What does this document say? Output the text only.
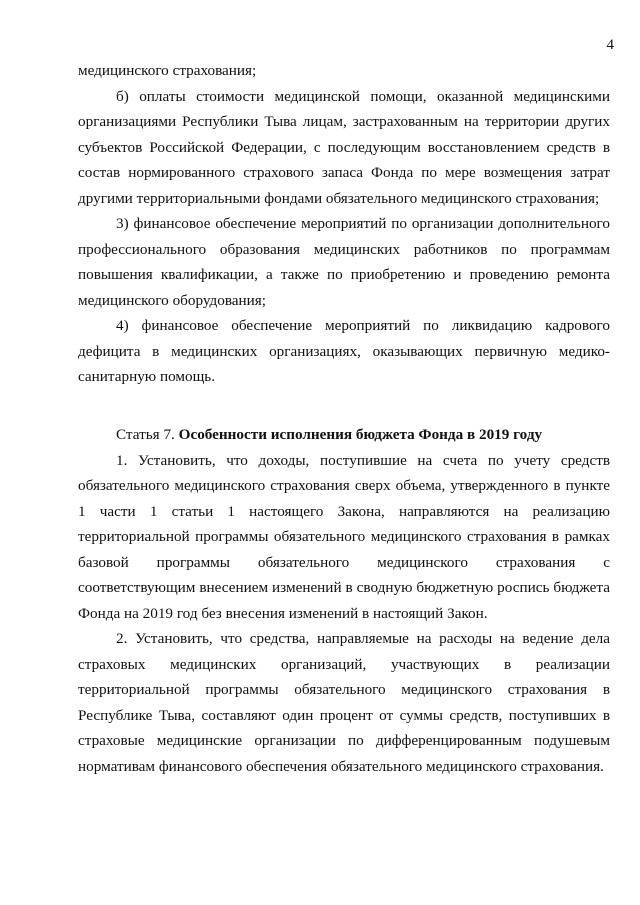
4

медицинского страхования;

б) оплаты стоимости медицинской помощи, оказанной медицинскими организациями Республики Тыва лицам, застрахованным на территории других субъектов Российской Федерации, с последующим восстановлением средств в состав нормированного страхового запаса Фонда по мере возмещения затрат другими территориальными фондами обязательного медицинского страхования;

3) финансовое обеспечение мероприятий по организации дополнительного профессионального образования медицинских работников по программам повышения квалификации, а также по приобретению и проведению ремонта медицинского оборудования;

4) финансовое обеспечение мероприятий по ликвидацию кадрового дефицита в медицинских организациях, оказывающих первичную медико-санитарную помощь.

Статья 7. Особенности исполнения бюджета Фонда в 2019 году

1. Установить, что доходы, поступившие на счета по учету средств обязательного медицинского страхования сверх объема, утвержденного в пункте 1 части 1 статьи 1 настоящего Закона, направляются на реализацию территориальной программы обязательного медицинского страхования в рамках базовой программы обязательного медицинского страхования с соответствующим внесением изменений в сводную бюджетную роспись бюджета Фонда на 2019 год без внесения изменений в настоящий Закон.

2. Установить, что средства, направляемые на расходы на ведение дела страховых медицинских организаций, участвующих в реализации территориальной программы обязательного медицинского страхования в Республике Тыва, составляют один процент от суммы средств, поступивших в страховые медицинские организации по дифференцированным подушевым нормативам финансового обеспечения обязательного медицинского страхования.
